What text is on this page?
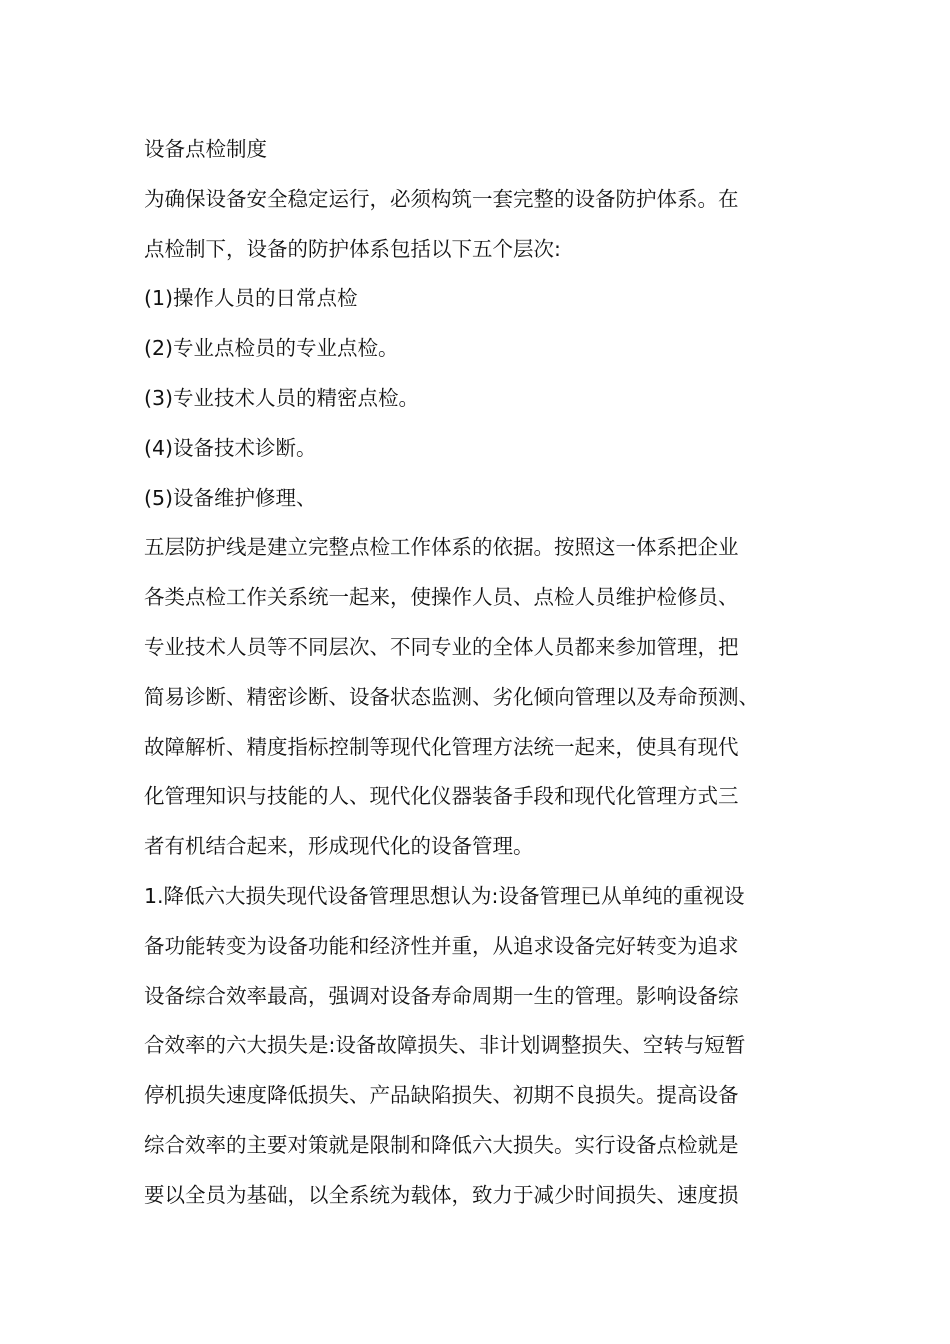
设备点检制度
为确保设备安全稳定运行，必须构筑一套完整的设备防护体系。在
点检制下，设备的防护体系包括以下五个层次:
(1)操作人员的日常点检
(2)专业点检员的专业点检。
(3)专业技术人员的精密点检。
(4)设备技术诊断。
(5)设备维护修理、
五层防护线是建立完整点检工作体系的依据。按照这一体系把企业
各类点检工作关系统一起来，使操作人员、点检人员维护检修员、
专业技术人员等不同层次、不同专业的全体人员都来参加管理，把
简易诊断、精密诊断、设备状态监测、劣化倾向管理以及寿命预测、
故障解析、精度指标控制等现代化管理方法统一起来，使具有现代
化管理知识与技能的人、现代化仪器装备手段和现代化管理方式三
者有机结合起来，形成现代化的设备管理。
1.降低六大损失现代设备管理思想认为:设备管理已从单纯的重视设
备功能转变为设备功能和经济性并重，从追求设备完好转变为追求
设备综合效率最高，强调对设备寿命周期一生的管理。影响设备综
合效率的六大损失是:设备故障损失、非计划调整损失、空转与短暂
停机损失速度降低损失、产品缺陷损失、初期不良损失。提高设备
综合效率的主要对策就是限制和降低六大损失。实行设备点检就是
要以全员为基础，以全系统为载体，致力于减少时间损失、速度损
